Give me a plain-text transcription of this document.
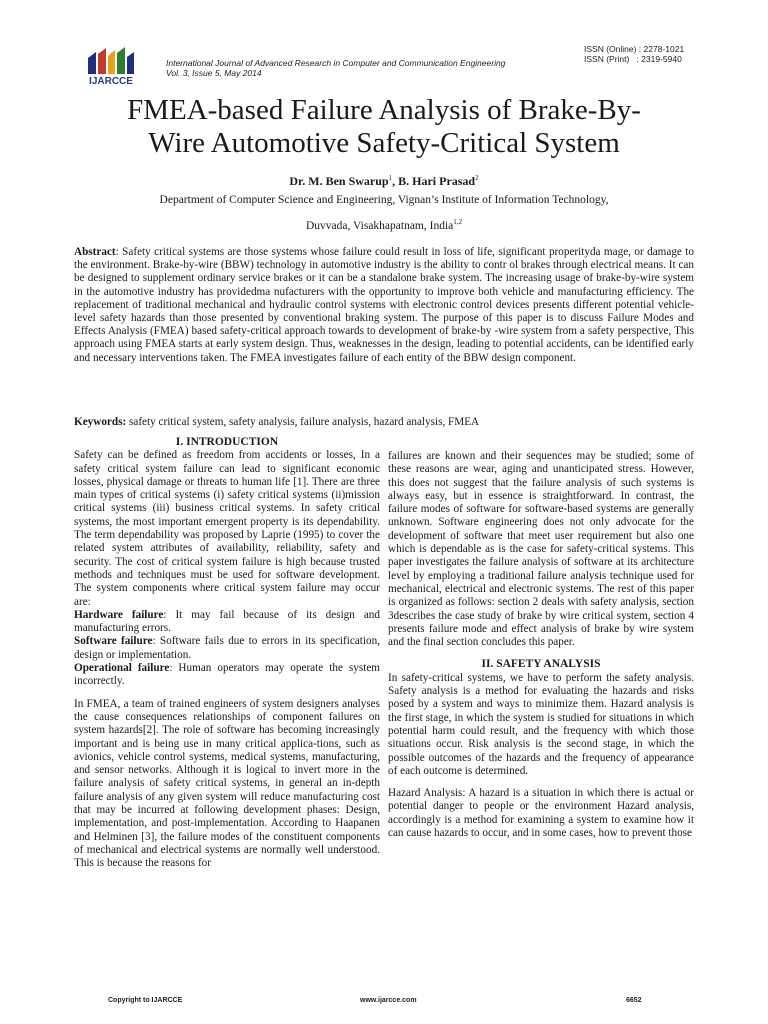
IJARCCE
International Journal of Advanced Research in Computer and Communication Engineering
Vol. 3, Issue 5, May 2014
ISSN (Online) : 2278-1021
ISSN (Print)   : 2319-5940
FMEA-based Failure Analysis of Brake-By-
Wire Automotive Safety-Critical System
Dr. M. Ben Swarup$^1$, B. Hari Prasad$^2$
Department of Computer Science and Engineering, Vignan’s Institute of Information Technology,
Duvvada, Visakhapatnam, India$^{1,2}$

Abstract: Safety critical systems are those systems whose failure could result in loss of life, significant properityda mage, or damage to the environment. Brake-by-wire (BBW) technology in automotive industry is the ability to contr ol brakes through electrical means. It can be designed to supplement ordinary service brakes or it can be a standalone brake system. The increasing usage of brake-by-wire system in the automotive industry has providedma nufacturers with the opportunity to improve both vehicle and manufacturing efficiency. The replacement of traditional mechanical and hydraulic control systems with electronic control devices presents different potential vehicle-level safety hazards than those presented by conventional braking system. The purpose of this paper is to discuss Failure Modes and Effects Analysis (FMEA) based safety-critical approach towards to development of brake-by -wire system from a safety perspective, This approach using FMEA starts at early system design. Thus, weaknesses in the design, leading to potential accidents, can be identified early and necessary interventions taken. The FMEA investigates failure of each entity of the BBW design component.

Keywords: safety critical system, safety analysis, failure analysis, hazard analysis, FMEA

I. INTRODUCTION

Safety can be defined as freedom from accidents or losses, In a safety critical system failure can lead to significant economic losses, physical damage or threats to human life [1]. There are three main types of critical systems (i) safety critical systems (ii)mission critical systems (iii) business critical systems. In safety critical systems, the most important emergent property is its dependability. The term dependability was proposed by Laprie (1995) to cover the related system attributes of availability, reliability, safety and security. The cost of critical system failure is high because trusted methods and techniques must be used for software development. The system components where critical system failure may occur are:

Hardware failure: It may fail because of its design and manufacturing errors.

Software failure: Software fails due to errors in its specification, design or implementation.

Operational failure: Human operators may operate the system incorrectly.

In FMEA, a team of trained engineers of system designers analyses the cause consequences relationships of component failures on system hazards[2]. The role of software has becoming increasingly important and is being use in many critical applica-tions, such as avionics, vehicle control systems, medical systems, manufacturing, and sensor networks. Although it is logical to invert more in the failure analysis of safety critical systems, in general an in-depth failure analysis of any given system will reduce manufacturing cost that may be incurred at following development phases: Design, implementation, and post-implementation. According to Haapanen and Helminen [3], the failure modes of the constituent components of mechanical and electrical systems are normally well understood. This is because the reasons for

failures are known and their sequences may be studied; some of these reasons are wear, aging and unanticipated stress. However, this does not suggest that the failure analysis of such systems is always easy, but in essence is straightforward. In contrast, the failure modes of software for software-based systems are generally unknown. Software engineering does not only advocate for the development of software that meet user requirement but also one which is dependable as is the case for safety-critical systems. This paper investigates the failure analysis of software at its architecture level by employing a traditional failure analysis technique used for mechanical, electrical and electronic systems. The rest of this paper is organized as follows: section 2 deals with safety analysis, section 3describes the case study of brake by wire critical system, section 4 presents failure mode and effect analysis of brake by wire system and the final section concludes this paper.

II. SAFETY ANALYSIS

In safety-critical systems, we have to perform the safety analysis. Safety analysis is a method for evaluating the hazards and risks posed by a system and ways to minimize them. Hazard analysis is the first stage, in which the system is studied for situations in which potential harm could result, and the frequency with which those situations occur. Risk analysis is the second stage, in which the possible outcomes of the hazards and the frequency of appearance of each outcome is determined.

Hazard Analysis: A hazard is a situation in which there is actual or potential danger to people or the environment Hazard analysis, accordingly is a method for examining a system to examine how it can cause hazards to occur, and in some cases, how to prevent those

Copyright to IJARCCE	www.ijarcce.com	6652
